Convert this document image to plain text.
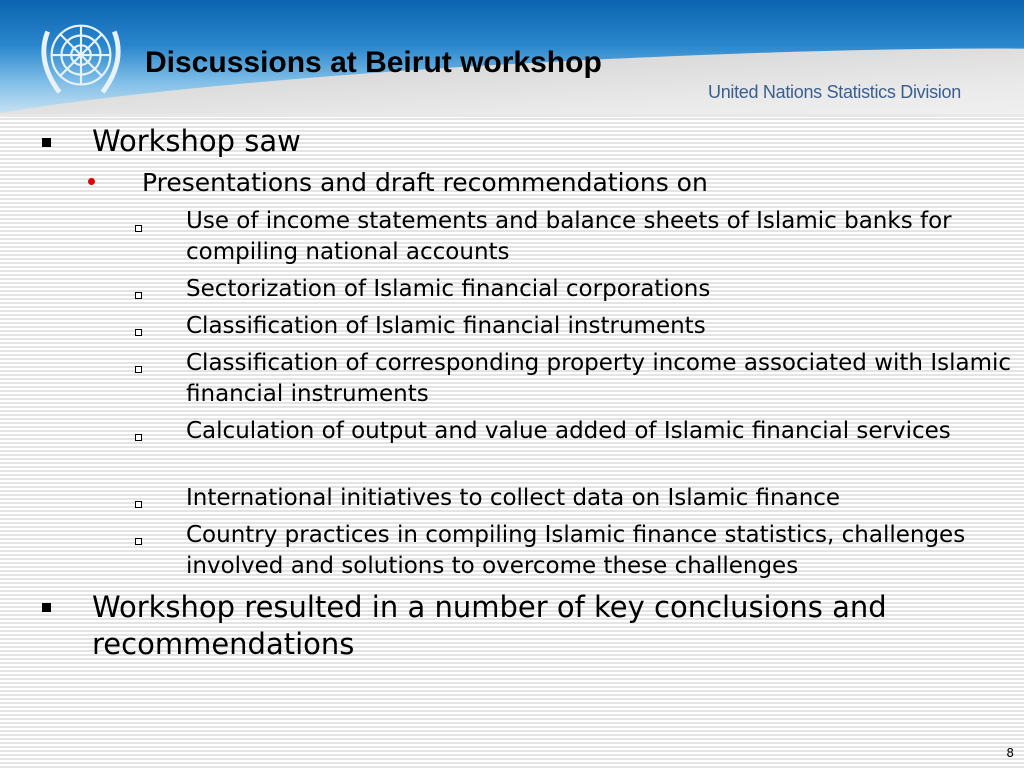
Discussions at Beirut workshop
United Nations Statistics Division
Workshop saw
Presentations and draft recommendations on
Use of income statements and balance sheets of Islamic banks for compiling national accounts
Sectorization of Islamic financial corporations
Classification of Islamic financial instruments
Classification of corresponding property income associated with Islamic financial instruments
Calculation of output and value added of Islamic financial services
International initiatives to collect data on Islamic finance
Country practices in compiling Islamic finance statistics, challenges involved and solutions to overcome these challenges
Workshop resulted in a number of key conclusions and recommendations
8
